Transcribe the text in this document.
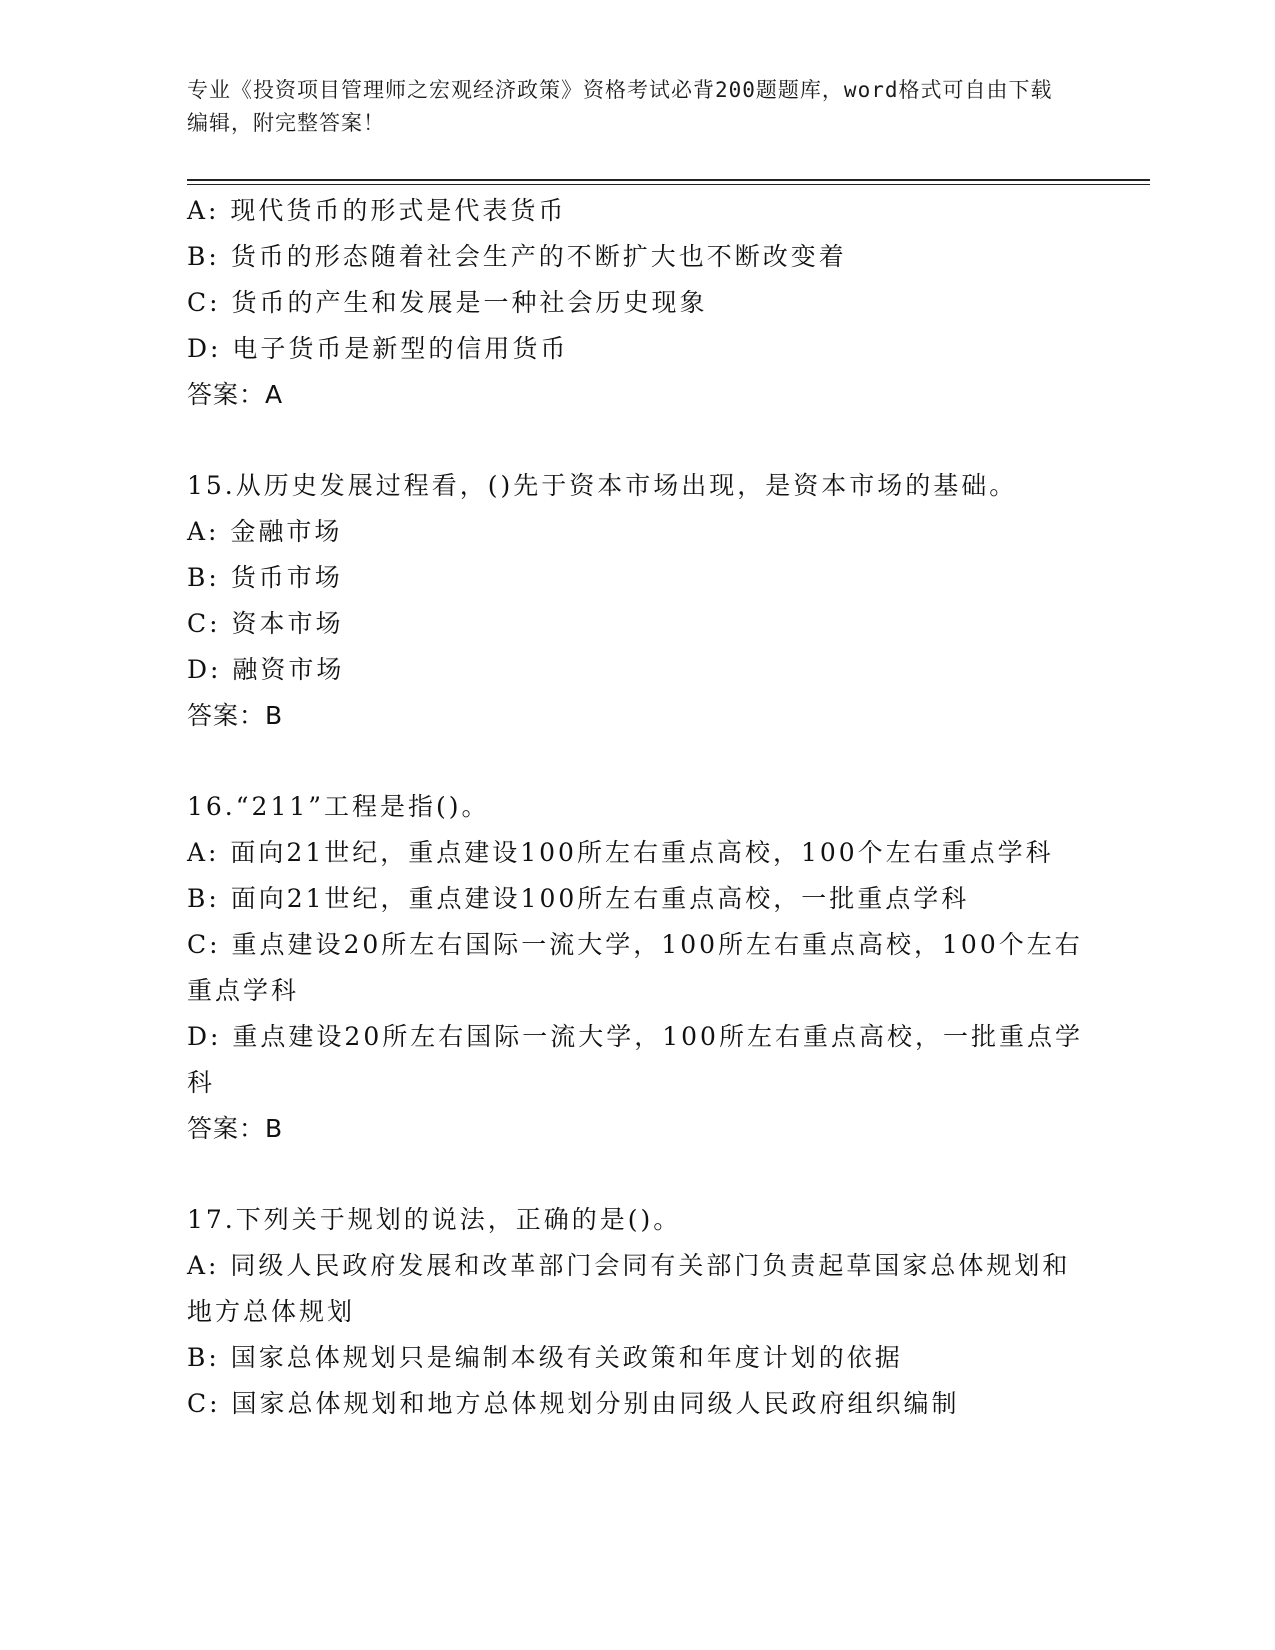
专业《投资项目管理师之宏观经济政策》资格考试必背200题题库，word格式可自由下载编辑，附完整答案！

A: 现代货币的形式是代表货币

B: 货币的形态随着社会生产的不断扩大也不断改变着

C: 货币的产生和发展是一种社会历史现象

D: 电子货币是新型的信用货币

答案：A

15.从历史发展过程看，()先于资本市场出现，是资本市场的基础。

A: 金融市场

B: 货币市场

C: 资本市场

D: 融资市场

答案：B

16.“211”工程是指()。

A: 面向21世纪，重点建设100所左右重点高校，100个左右重点学科

B: 面向21世纪，重点建设100所左右重点高校，一批重点学科

C: 重点建设20所左右国际一流大学，100所左右重点高校，100个左右重点学科

D: 重点建设20所左右国际一流大学，100所左右重点高校，一批重点学科

答案：B

17.下列关于规划的说法，正确的是()。

A: 同级人民政府发展和改革部门会同有关部门负责起草国家总体规划和地方总体规划

B: 国家总体规划只是编制本级有关政策和年度计划的依据

C: 国家总体规划和地方总体规划分别由同级人民政府组织编制
